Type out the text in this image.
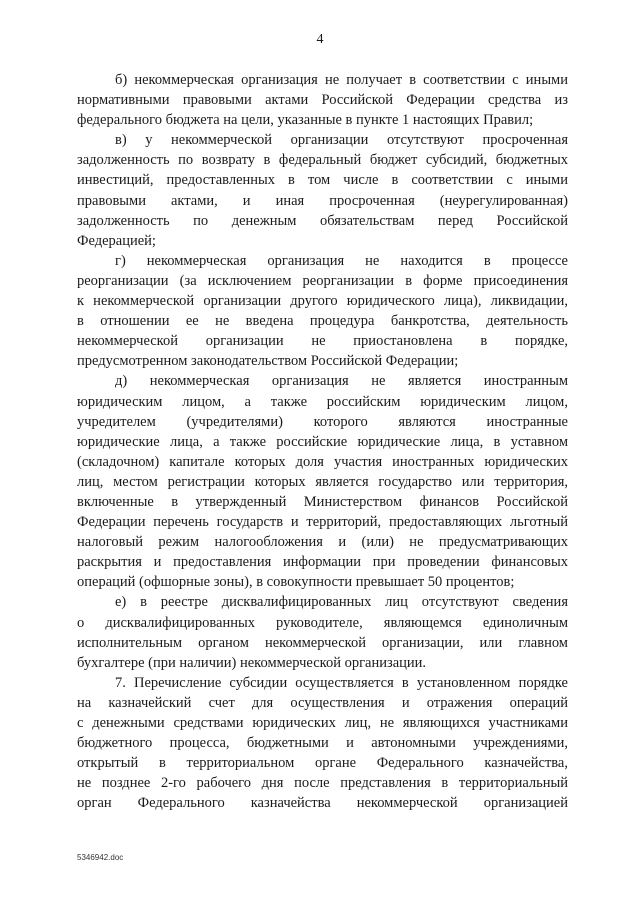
4

б) некоммерческая организация не получает в соответствии с иными
нормативными правовыми актами Российской Федерации средства из
федерального бюджета на цели, указанные в пункте 1 настоящих Правил;

в) у некоммерческой организации отсутствуют просроченная
задолженность по возврату в федеральный бюджет субсидий, бюджетных
инвестиций, предоставленных в том числе в соответствии с иными
правовыми актами, и иная просроченная (неурегулированная)
задолженность по денежным обязательствам перед Российской
Федерацией;

г) некоммерческая организация не находится в процессе
реорганизации (за исключением реорганизации в форме присоединения
к некоммерческой организации другого юридического лица), ликвидации,
в отношении ее не введена процедура банкротства, деятельность
некоммерческой организации не приостановлена в порядке,
предусмотренном законодательством Российской Федерации;

д) некоммерческая организация не является иностранным
юридическим лицом, а также российским юридическим лицом,
учредителем (учредителями) которого являются иностранные
юридические лица, а также российские юридические лица, в уставном
(складочном) капитале которых доля участия иностранных юридических
лиц, местом регистрации которых является государство или территория,
включенные в утвержденный Министерством финансов Российской
Федерации перечень государств и территорий, предоставляющих льготный
налоговый режим налогообложения и (или) не предусматривающих
раскрытия и предоставления информации при проведении финансовых
операций (офшорные зоны), в совокупности превышает 50 процентов;

е) в реестре дисквалифицированных лиц отсутствуют сведения
о дисквалифицированных руководителе, являющемся единоличным
исполнительным органом некоммерческой организации, или главном
бухгалтере (при наличии) некоммерческой организации.

7. Перечисление субсидии осуществляется в установленном порядке
на казначейский счет для осуществления и отражения операций
с денежными средствами юридических лиц, не являющихся участниками
бюджетного процесса, бюджетными и автономными учреждениями,
открытый в территориальном органе Федерального казначейства,
не позднее 2-го рабочего дня после представления в территориальный
орган Федерального казначейства некоммерческой организацией

5346942.doc
